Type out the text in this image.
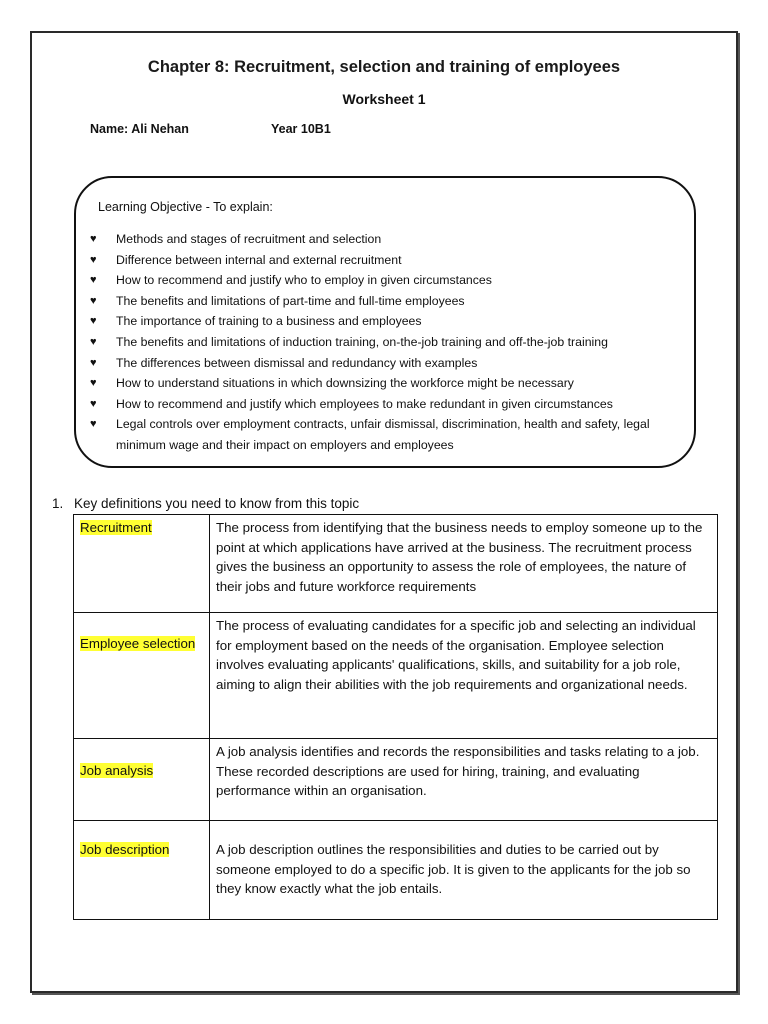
Chapter 8: Recruitment, selection and training of employees
Worksheet 1
Name: Ali Nehan	Year 10B1
Learning Objective - To explain:
♥ Methods and stages of recruitment and selection
♥ Difference between internal and external recruitment
♥ How to recommend and justify who to employ in given circumstances
♥ The benefits and limitations of part-time and full-time employees
♥ The importance of training to a business and employees
♥ The benefits and limitations of induction training, on-the-job training and off-the-job training
♥ The differences between dismissal and redundancy with examples
♥ How to understand situations in which downsizing the workforce might be necessary
♥ How to recommend and justify which employees to make redundant in given circumstances
♥ Legal controls over employment contracts, unfair dismissal, discrimination, health and safety, legal minimum wage and their impact on employers and employees
1. Key definitions you need to know from this topic
Recruitment	The process from identifying that the business needs to employ someone up to the point at which applications have arrived at the business. The recruitment process gives the business an opportunity to assess the role of employees, the nature of their jobs and future workforce requirements

Employee selection	The process of evaluating candidates for a specific job and selecting an individual for employment based on the needs of the organisation. Employee selection involves evaluating applicants' qualifications, skills, and suitability for a job role, aiming to align their abilities with the job requirements and organizational needs.

Job analysis	A job analysis identifies and records the responsibilities and tasks relating to a job. These recorded descriptions are used for hiring, training, and evaluating performance within an organisation.

Job description	A job description outlines the responsibilities and duties to be carried out by someone employed to do a specific job. It is given to the applicants for the job so they know exactly what the job entails.
